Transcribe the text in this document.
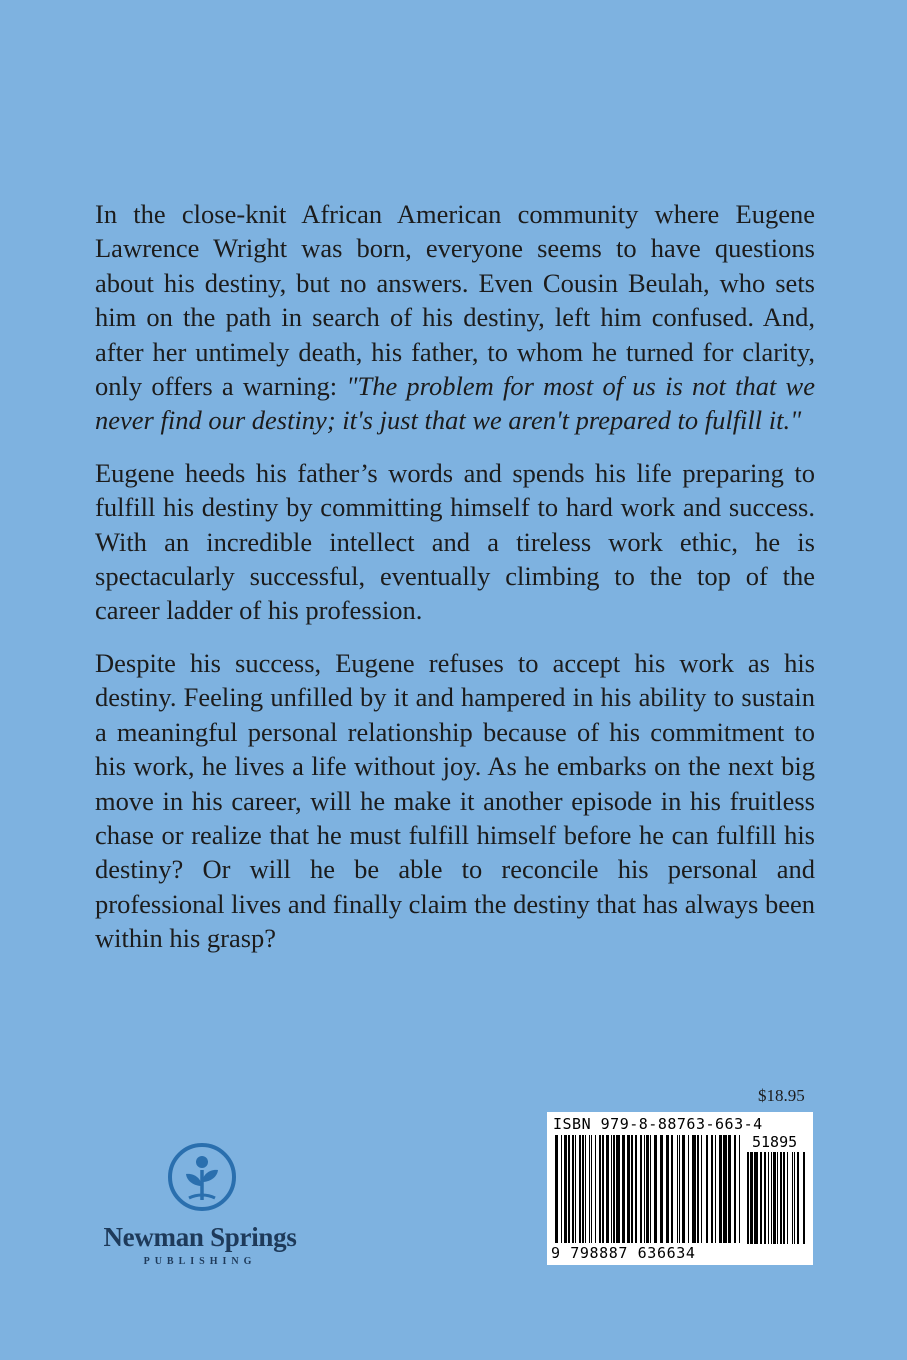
In the close-knit African American community where Eugene Lawrence Wright was born, everyone seems to have questions about his destiny, but no answers. Even Cousin Beulah, who sets him on the path in search of his destiny, left him confused. And, after her untimely death, his father, to whom he turned for clarity, only offers a warning: "The problem for most of us is not that we never find our destiny; it's just that we aren't prepared to fulfill it."

Eugene heeds his father’s words and spends his life preparing to fulfill his destiny by committing himself to hard work and success. With an incredible intellect and a tireless work ethic, he is spectacularly successful, eventually climbing to the top of the career ladder of his profession.

Despite his success, Eugene refuses to accept his work as his destiny. Feeling unfilled by it and hampered in his ability to sustain a meaningful personal relationship because of his commitment to his work, he lives a life without joy. As he embarks on the next big move in his career, will he make it another episode in his fruitless chase or realize that he must fulfill himself before he can fulfill his destiny? Or will he be able to reconcile his personal and professional lives and finally claim the destiny that has always been within his grasp?

$18.95
ISBN 979-8-88763-663-4
51895
9 798887 636634
Newman Springs
PUBLISHING
